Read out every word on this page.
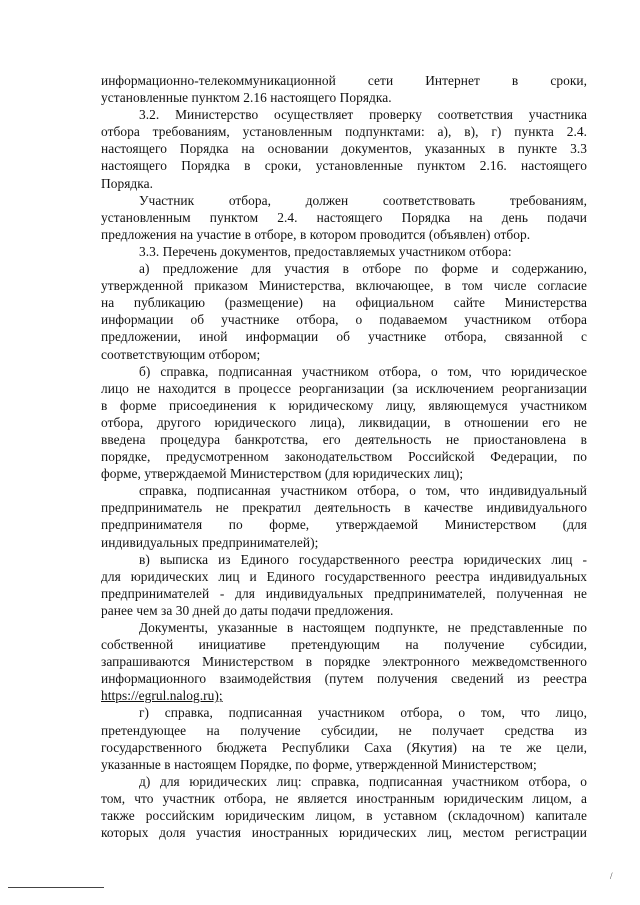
информационно-телекоммуникационной сети Интернет в сроки,
установленные пунктом 2.16 настоящего Порядка.
3.2. Министерство осуществляет проверку соответствия участника
отбора требованиям, установленным подпунктами: а), в), г) пункта 2.4.
настоящего Порядка на основании документов, указанных в пункте 3.3
настоящего Порядка в сроки, установленные пунктом 2.16. настоящего
Порядка.
Участник отбора, должен соответствовать требованиям,
установленным пунктом 2.4. настоящего Порядка на день подачи
предложения на участие в отборе, в котором проводится (объявлен) отбор.
3.3. Перечень документов, предоставляемых участником отбора:
а) предложение для участия в отборе по форме и содержанию,
утвержденной приказом Министерства, включающее, в том числе согласие
на публикацию (размещение) на официальном сайте Министерства
информации об участнике отбора, о подаваемом участником отбора
предложении, иной информации об участнике отбора, связанной с
соответствующим отбором;
б) справка, подписанная участником отбора, о том, что юридическое
лицо не находится в процессе реорганизации (за исключением реорганизации
в форме присоединения к юридическому лицу, являющемуся участником
отбора, другого юридического лица), ликвидации, в отношении его не
введена процедура банкротства, его деятельность не приостановлена в
порядке, предусмотренном законодательством Российской Федерации, по
форме, утверждаемой Министерством (для юридических лиц);
справка, подписанная участником отбора, о том, что индивидуальный
предприниматель не прекратил деятельность в качестве индивидуального
предпринимателя по форме, утверждаемой Министерством (для
индивидуальных предпринимателей);
в) выписка из Единого государственного реестра юридических лиц -
для юридических лиц и Единого государственного реестра индивидуальных
предпринимателей - для индивидуальных предпринимателей, полученная не
ранее чем за 30 дней до даты подачи предложения.
Документы, указанные в настоящем подпункте, не представленные по
собственной инициативе претендующим на получение субсидии,
запрашиваются Министерством в порядке электронного межведомственного
информационного взаимодействия (путем получения сведений из реестра
https://egrul.nalog.ru);
г) справка, подписанная участником отбора, о том, что лицо,
претендующее на получение субсидии, не получает средства из
государственного бюджета Республики Саха (Якутия) на те же цели,
указанные в настоящем Порядке, по форме, утвержденной Министерством;
д) для юридических лиц: справка, подписанная участником отбора, о
том, что участник отбора, не является иностранным юридическим лицом, а
также российским юридическим лицом, в уставном (складочном) капитале
которых доля участия иностранных юридических лиц, местом регистрации
/
